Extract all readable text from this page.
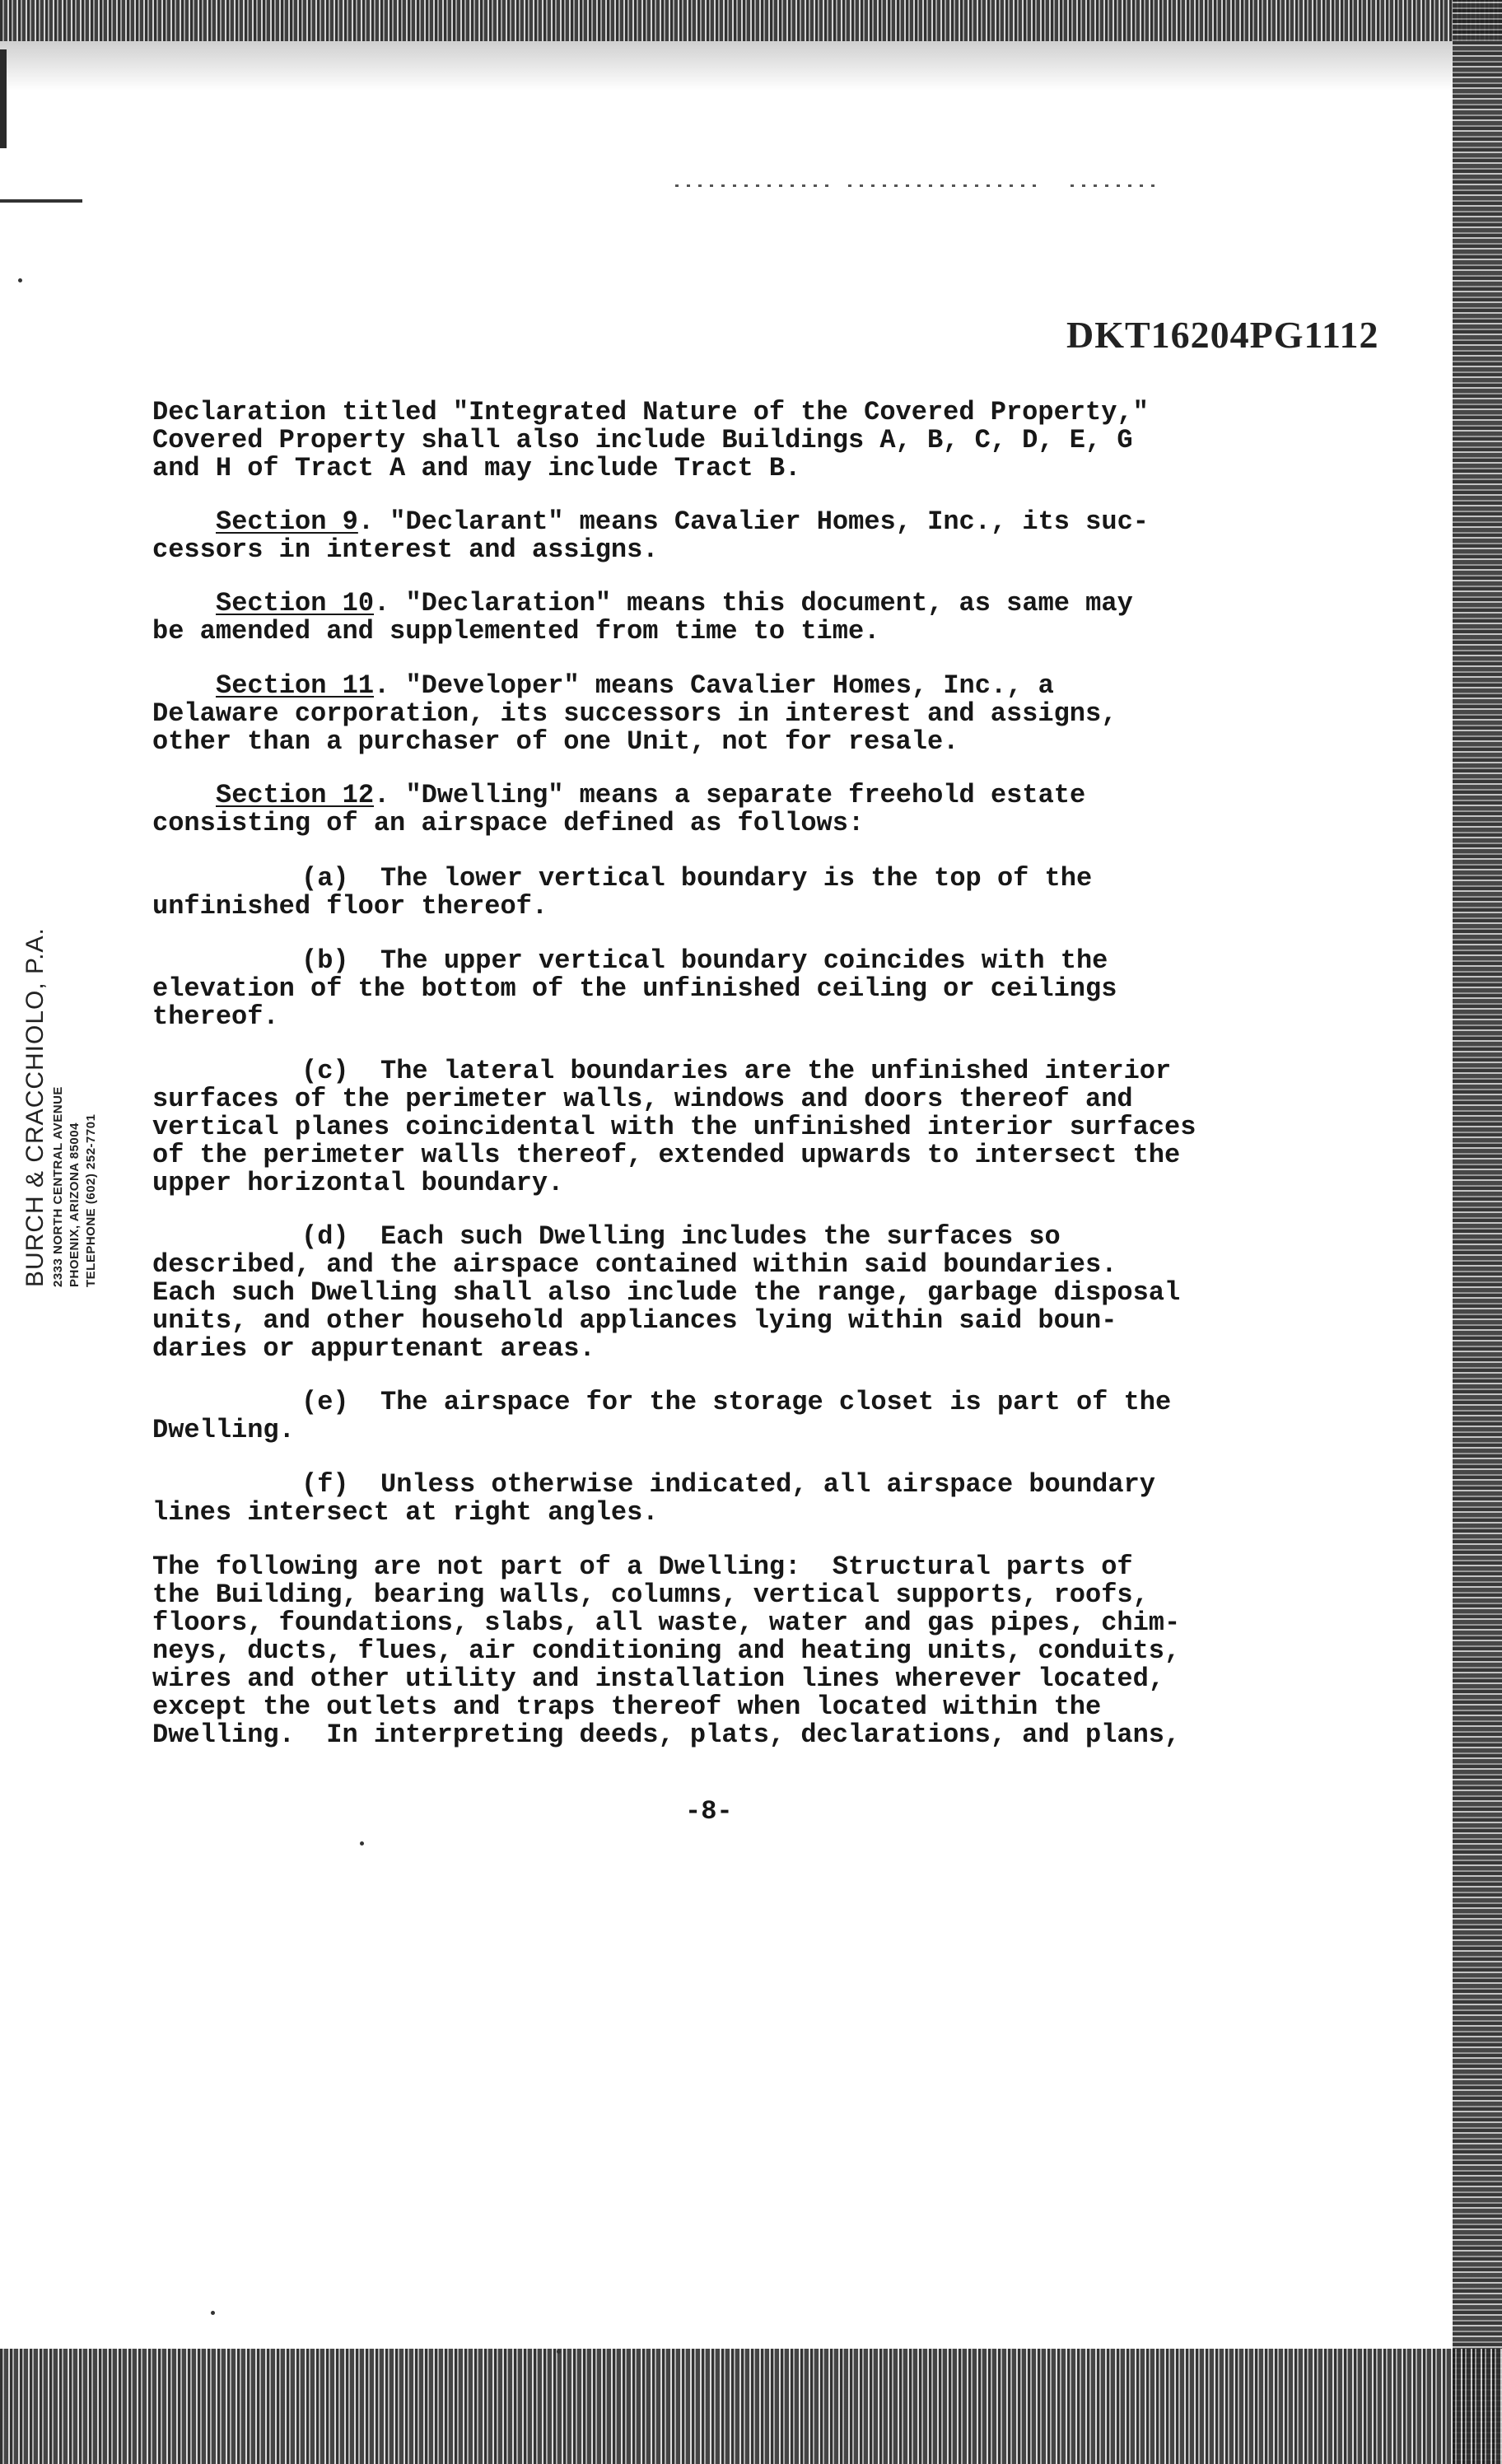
DKT16204PG1112
BURCH & CRACCHIOLO, P.A. 2333 NORTH CENTRAL AVENUE PHOENIX, ARIZONA 85004 TELEPHONE (602) 252-7701
Declaration titled "Integrated Nature of the Covered Property,"
Covered Property shall also include Buildings A, B, C, D, E, G
and H of Tract A and may include Tract B.
Section 9. "Declarant" means Cavalier Homes, Inc., its suc-
cessors in interest and assigns.
Section 10. "Declaration" means this document, as same may
be amended and supplemented from time to time.
Section 11. "Developer" means Cavalier Homes, Inc., a
Delaware corporation, its successors in interest and assigns,
other than a purchaser of one Unit, not for resale.
Section 12. "Dwelling" means a separate freehold estate
consisting of an airspace defined as follows:
(a)  The lower vertical boundary is the top of the
unfinished floor thereof.
(b)  The upper vertical boundary coincides with the
elevation of the bottom of the unfinished ceiling or ceilings
thereof.
(c)  The lateral boundaries are the unfinished interior
surfaces of the perimeter walls, windows and doors thereof and
vertical planes coincidental with the unfinished interior surfaces
of the perimeter walls thereof, extended upwards to intersect the
upper horizontal boundary.
(d)  Each such Dwelling includes the surfaces so
described, and the airspace contained within said boundaries.
Each such Dwelling shall also include the range, garbage disposal
units, and other household appliances lying within said boun-
daries or appurtenant areas.
(e)  The airspace for the storage closet is part of the
Dwelling.
(f)  Unless otherwise indicated, all airspace boundary
lines intersect at right angles.
The following are not part of a Dwelling:  Structural parts of
the Building, bearing walls, columns, vertical supports, roofs,
floors, foundations, slabs, all waste, water and gas pipes, chim-
neys, ducts, flues, air conditioning and heating units, conduits,
wires and other utility and installation lines wherever located,
except the outlets and traps thereof when located within the
Dwelling.  In interpreting deeds, plats, declarations, and plans,
-8-
